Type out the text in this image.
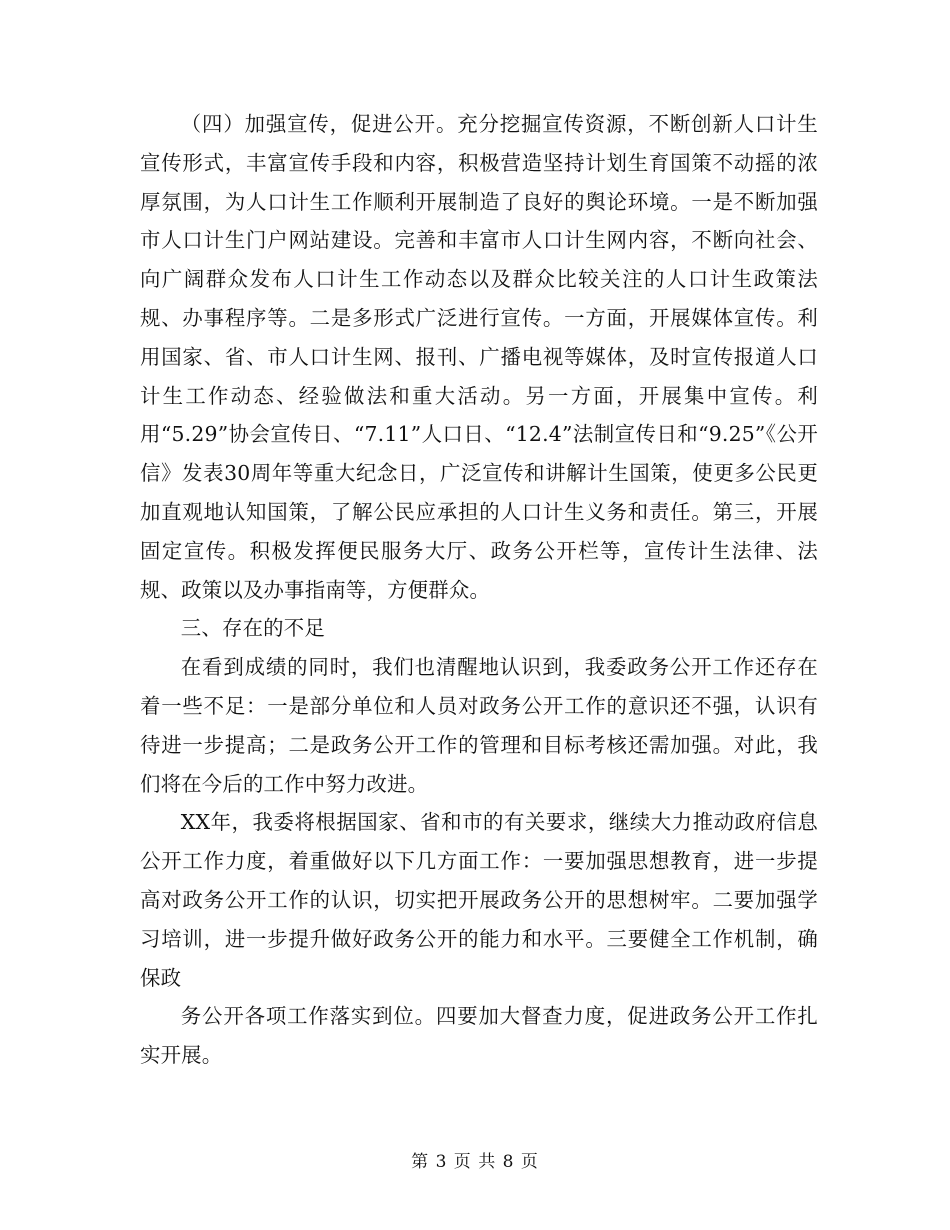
（四）加强宣传，促进公开。充分挖掘宣传资源，不断创新人口计生宣传形式，丰富宣传手段和内容，积极营造坚持计划生育国策不动摇的浓厚氛围，为人口计生工作顺利开展制造了良好的舆论环境。一是不断加强市人口计生门户网站建设。完善和丰富市人口计生网内容，不断向社会、向广阔群众发布人口计生工作动态以及群众比较关注的人口计生政策法规、办事程序等。二是多形式广泛进行宣传。一方面，开展媒体宣传。利用国家、省、市人口计生网、报刊、广播电视等媒体，及时宣传报道人口计生工作动态、经验做法和重大活动。另一方面，开展集中宣传。利用“5.29”协会宣传日、“7.11”人口日、“12.4”法制宣传日和“9.25”《公开信》发表30周年等重大纪念日，广泛宣传和讲解计生国策，使更多公民更加直观地认知国策，了解公民应承担的人口计生义务和责任。第三，开展固定宣传。积极发挥便民服务大厅、政务公开栏等，宣传计生法律、法规、政策以及办事指南等，方便群众。

三、存在的不足

在看到成绩的同时，我们也清醒地认识到，我委政务公开工作还存在着一些不足：一是部分单位和人员对政务公开工作的意识还不强，认识有待进一步提高；二是政务公开工作的管理和目标考核还需加强。对此，我们将在今后的工作中努力改进。

XX年，我委将根据国家、省和市的有关要求，继续大力推动政府信息公开工作力度，着重做好以下几方面工作：一要加强思想教育，进一步提高对政务公开工作的认识，切实把开展政务公开的思想树牢。二要加强学习培训，进一步提升做好政务公开的能力和水平。三要健全工作机制，确保政

务公开各项工作落实到位。四要加大督查力度，促进政务公开工作扎实开展。

第 3 页 共 8 页
